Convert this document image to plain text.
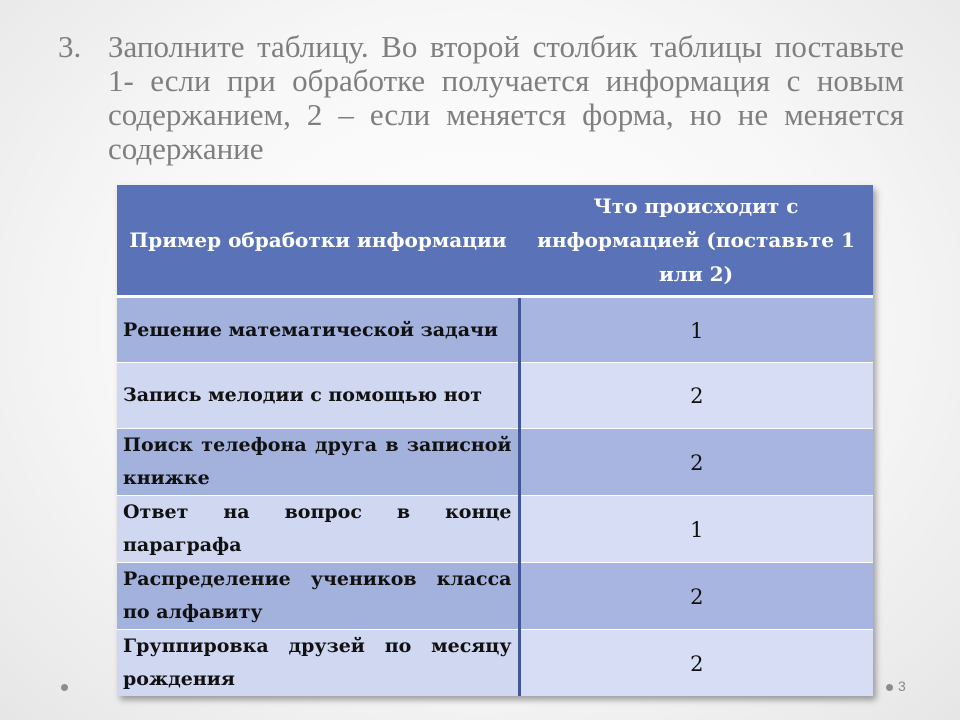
3. Заполните таблицу. Во второй столбик таблицы поставьте 1- если при обработке получается информация с новым содержанием, 2 – если меняется форма, но не меняется содержание
Пример обработки информации	Что происходит с информацией (поставьте 1 или 2)
Решение математической задачи	1
Запись мелодии с помощью нот	2
Поиск телефона друга в записной книжке	2
Ответ на вопрос в конце параграфа	1
Распределение учеников класса по алфавиту	2
Группировка друзей по месяцу рождения	2
3
